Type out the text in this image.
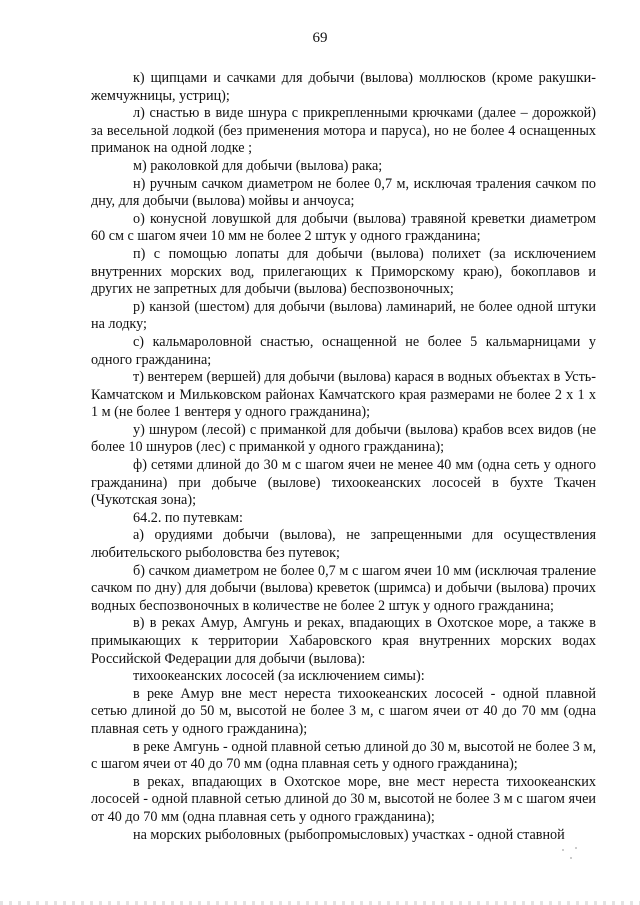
69

к) щипцами и сачками для добычи (вылова) моллюсков (кроме ракушки-жемчужницы, устриц);

л) снастью в виде шнура с прикрепленными крючками (далее – дорожкой) за весельной лодкой (без применения мотора и паруса), но не более 4 оснащенных приманок на одной лодке ;

м) раколовкой для добычи (вылова) рака;

н) ручным сачком диаметром не более 0,7 м, исключая траления сачком по дну, для добычи (вылова) мойвы и анчоуса;

о) конусной ловушкой для добычи (вылова) травяной креветки диаметром 60 см с шагом ячеи 10 мм не более 2 штук у одного гражданина;

п) с помощью лопаты для добычи (вылова) полихет (за исключением внутренних морских вод, прилегающих к Приморскому краю), бокоплавов и других не запретных для добычи (вылова) беспозвоночных;

р) канзой (шестом) для добычи (вылова) ламинарий, не более одной штуки на лодку;

с) кальмароловной снастью, оснащенной не более 5 кальмарницами у одного гражданина;

т) вентерем (вершей) для добычи (вылова) карася в водных объектах в Усть-Камчатском и Мильковском районах Камчатского края размерами не более 2 х 1 х 1 м (не более 1 вентеря у одного гражданина);

у) шнуром (лесой) с приманкой для добычи (вылова) крабов всех видов (не более 10 шнуров (лес) с приманкой у одного гражданина);

ф) сетями длиной до 30 м с шагом ячеи не менее 40 мм (одна сеть у одного гражданина) при добыче (вылове) тихоокеанских лососей в бухте Ткачен (Чукотская зона);

64.2. по путевкам:

а) орудиями добычи (вылова), не запрещенными для осуществления любительского рыболовства без путевок;

б) сачком диаметром не более 0,7 м с шагом ячеи 10 мм (исключая траление сачком по дну) для добычи (вылова) креветок (шримса) и добычи (вылова) прочих водных беспозвоночных в количестве не более 2 штук у одного гражданина;

в) в реках Амур, Амгунь и реках, впадающих в Охотское море, а также в примыкающих к территории Хабаровского края внутренних морских водах Российской Федерации для добычи (вылова):

тихоокеанских лососей (за исключением симы):

в реке Амур вне мест нереста тихоокеанских лососей - одной плавной сетью длиной до 50 м, высотой не более 3 м, с шагом ячеи от 40 до 70 мм (одна плавная сеть у одного гражданина);

в реке Амгунь - одной плавной сетью длиной до 30 м, высотой не более 3 м, с шагом ячеи от 40 до 70 мм (одна плавная сеть у одного гражданина);

в реках, впадающих в Охотское море, вне мест нереста тихоокеанских лососей - одной плавной сетью длиной до 30 м, высотой не более 3 м с шагом ячеи от 40 до 70 мм (одна плавная сеть у одного гражданина);

на морских рыболовных (рыбопромысловых) участках - одной ставной
